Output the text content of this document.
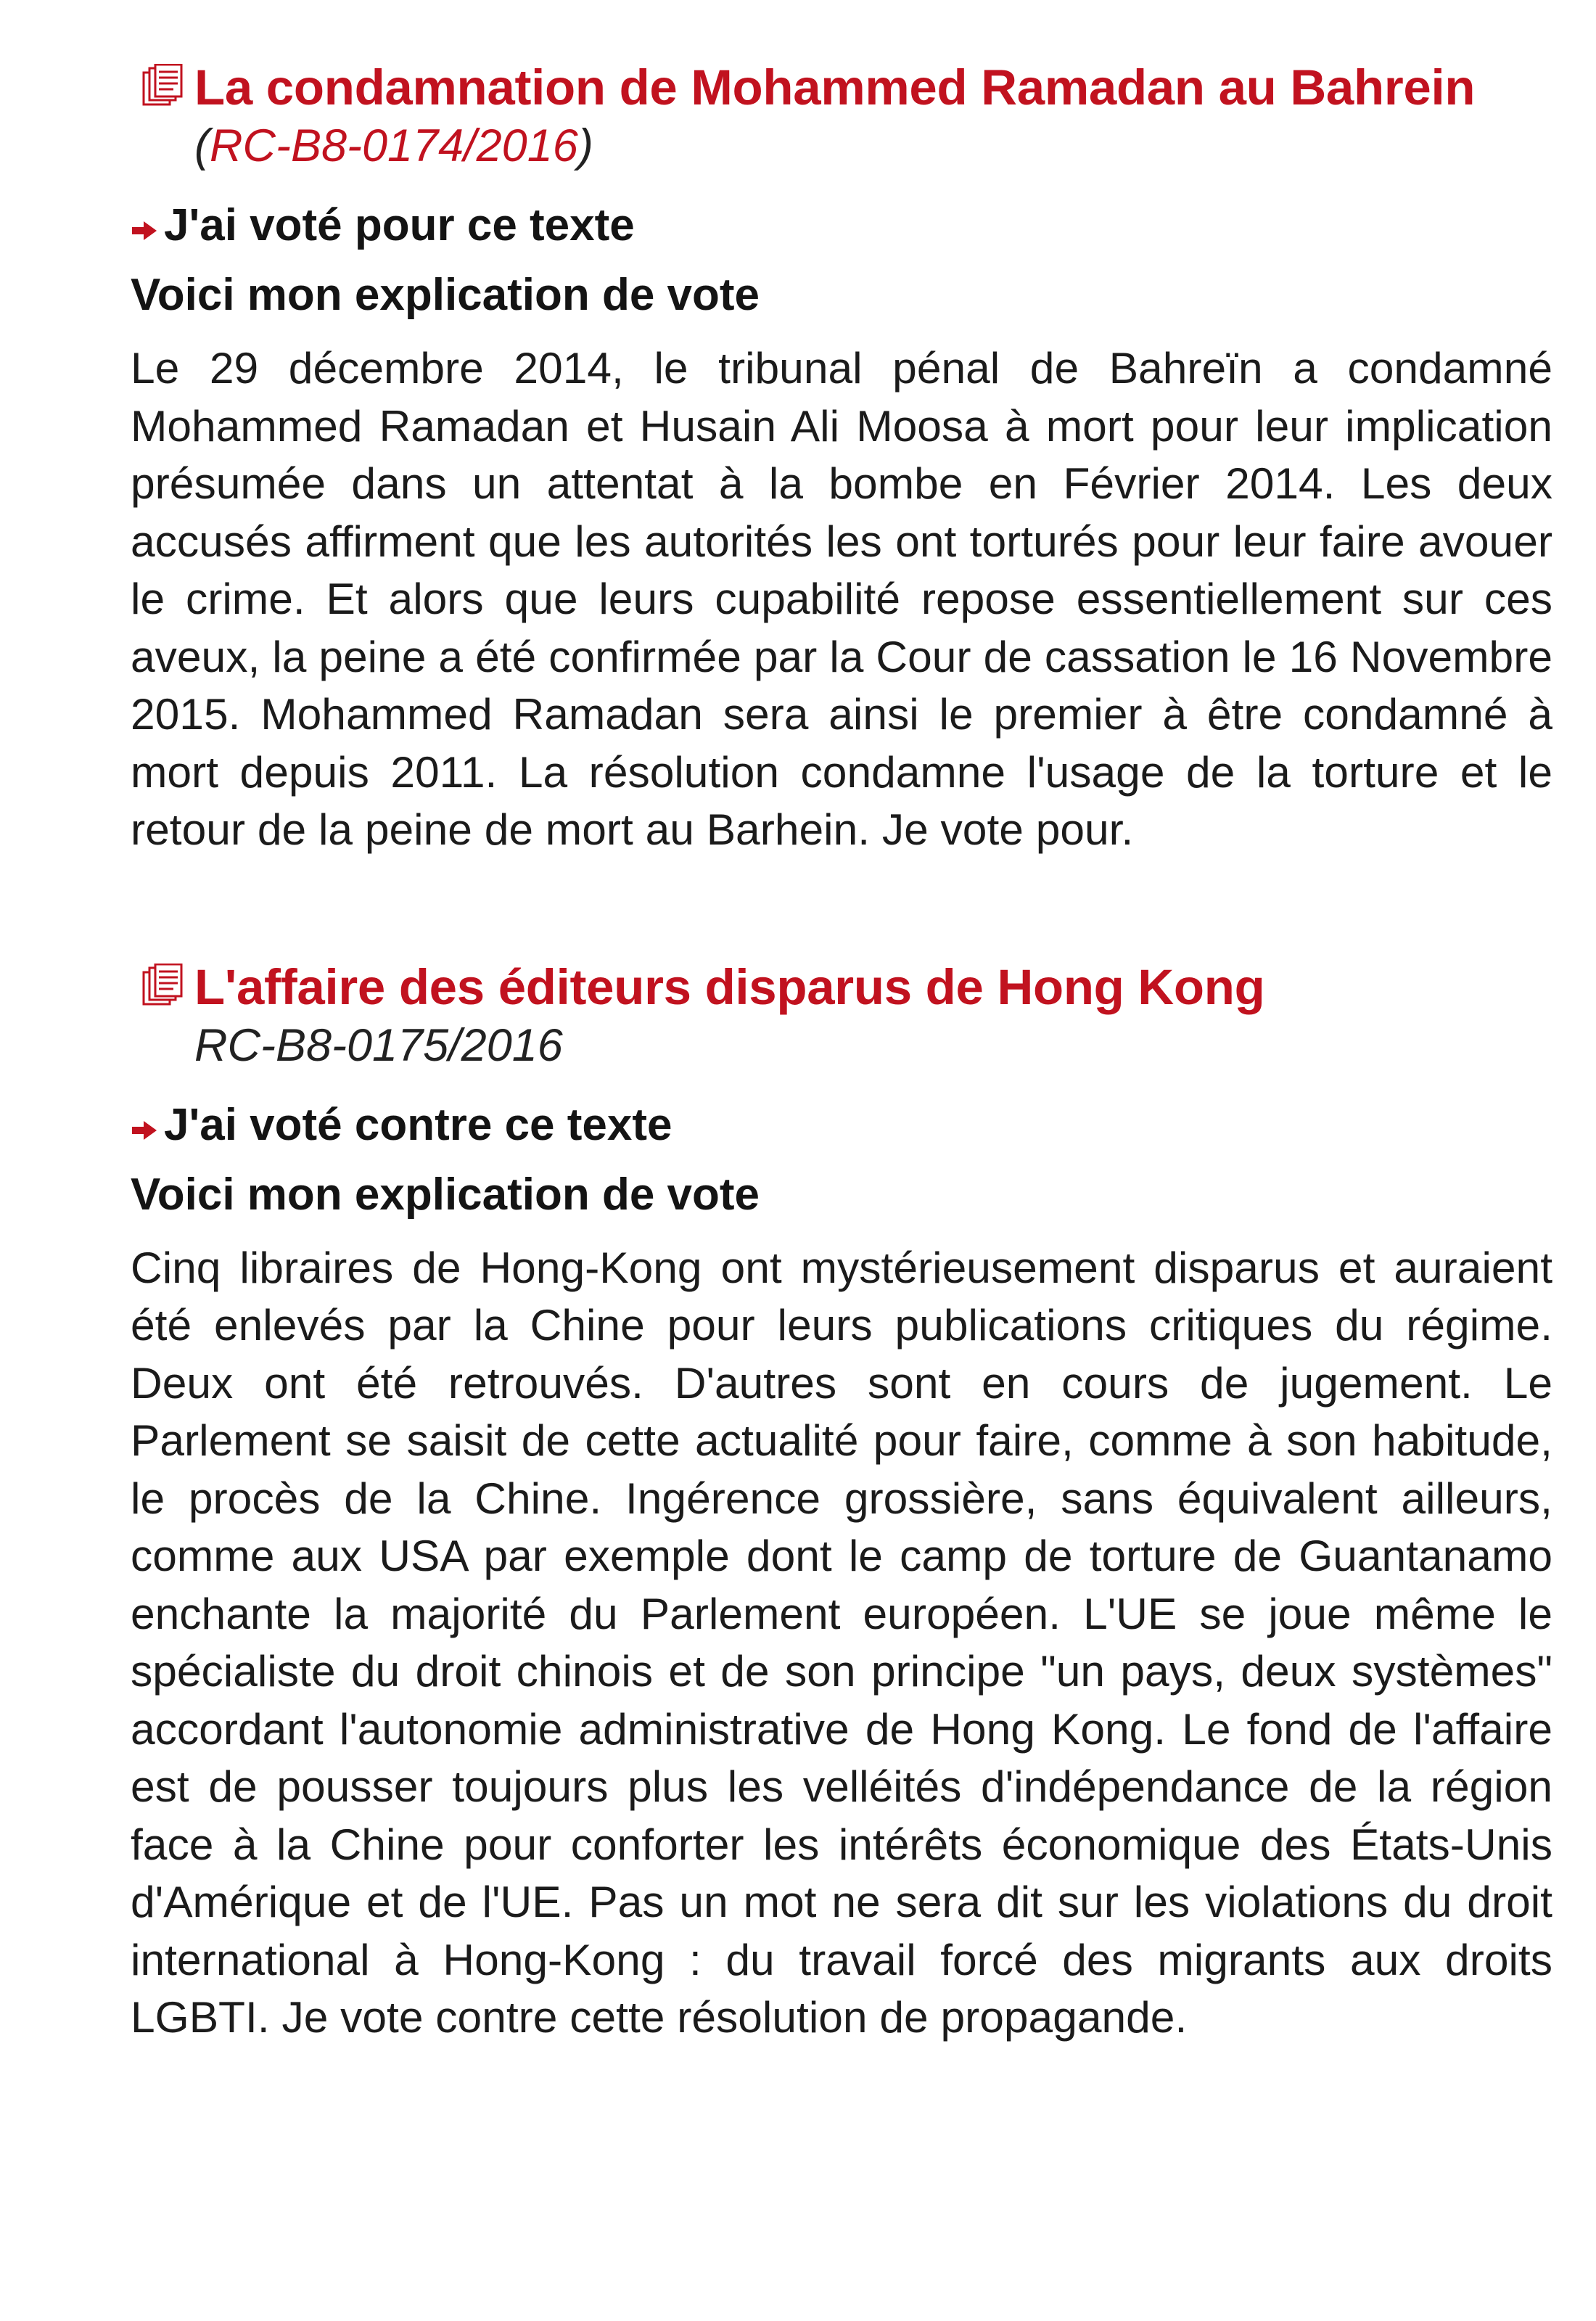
La condamnation de Mohammed Ramadan au Bahrein
(RC-B8-0174/2016)
J'ai voté pour ce texte
Voici mon explication de vote
Le 29 décembre 2014, le tribunal pénal de Bahreïn a condamné Mohammed Ramadan et Husain Ali Moosa à mort pour leur implication présumée dans un attentat à la bombe en Février 2014. Les deux accusés affirment que les autorités les ont torturés pour leur faire avouer le crime. Et alors que leurs cupabilité repose essentiellement sur ces aveux, la peine a été confirmée par la Cour de cassation le 16 Novembre 2015. Mohammed Ramadan sera ainsi le premier à être condamné à mort depuis 2011. La résolution condamne l'usage de la torture et le retour de la peine de mort au Barhein. Je vote pour.
L'affaire des éditeurs disparus de Hong Kong
RC-B8-0175/2016
J'ai voté contre ce texte
Voici mon explication de vote
Cinq libraires de Hong-Kong ont mystérieusement disparus et auraient été enlevés par la Chine pour leurs publications critiques du régime. Deux ont été retrouvés. D'autres sont en cours de jugement. Le Parlement se saisit de cette actualité pour faire, comme à son habitude, le procès de la Chine. Ingérence grossière, sans équivalent ailleurs, comme aux USA par exemple dont le camp de torture de Guantanamo enchante la majorité du Parlement européen. L'UE se joue même le spécialiste du droit chinois et de son principe "un pays, deux systèmes" accordant l'autonomie administrative de Hong Kong. Le fond de l'affaire est de pousser toujours plus les velléités d'indépendance de la région face à la Chine pour conforter les intérêts économique des États-Unis d'Amérique et de l'UE. Pas un mot ne sera dit sur les violations du droit international à Hong-Kong : du travail forcé des migrants aux droits LGBTI. Je vote contre cette résolution de propagande.
